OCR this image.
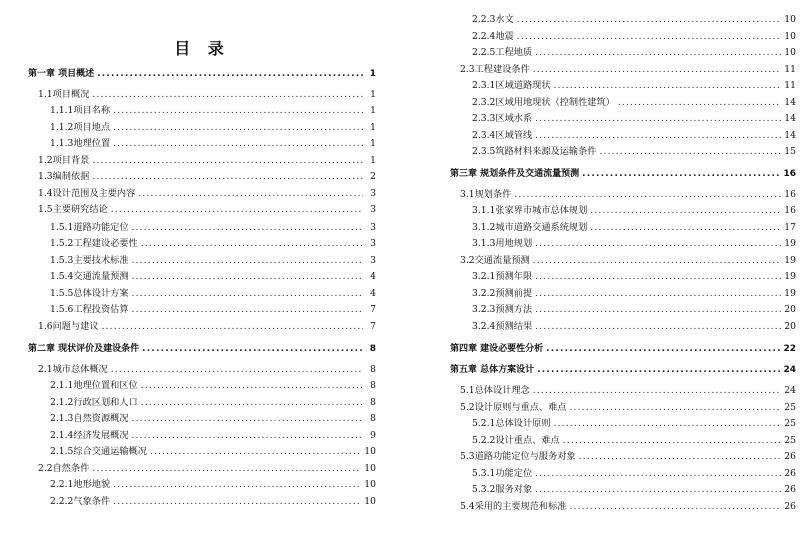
目 录
第一章 项目概述 .....	1
1.1项目概况 .....	1
1.1.1项目名称 .....	1
1.1.2项目地点 .....	1
1.1.3地理位置 .....	1
1.2项目背景 .....	1
1.3编制依据 .....	2
1.4设计范围及主要内容 .....	3
1.5主要研究结论 .....	3
1.5.1道路功能定位 .....	3
1.5.2工程建设必要性 .....	3
1.5.3主要技术标准 .....	3
1.5.4交通流量预测 .....	4
1.5.5总体设计方案 .....	4
1.5.6工程投资估算 .....	7
1.6问题与建议 .....	7
第二章 现状评价及建设条件 .....	8
2.1城市总体概况 .....	8
2.1.1地理位置和区位 .....	8
2.1.2行政区划和人口 .....	8
2.1.3自然资源概况 .....	8
2.1.4经济发展概况 .....	9
2.1.5综合交通运输概况 .....	10
2.2自然条件 .....	10
2.2.1地形地貌 .....	10
2.2.2气象条件 .....	10
2.2.3水文 .....	10
2.2.4地震 .....	10
2.2.5工程地质 .....	10
2.3工程建设条件 .....	11
2.3.1区域道路现状 .....	11
2.3.2区域用地现状（控制性建筑） .....	14
2.3.3区域水系 .....	14
2.3.4区域管线 .....	14
2.3.5筑路材料来源及运输条件 .....	15
第三章 规划条件及交通流量预测 .....	16
3.1规划条件 .....	16
3.1.1张家界市城市总体规划 .....	16
3.1.2城市道路交通系统规划 .....	17
3.1.3用地规划 .....	19
3.2交通流量预测 .....	19
3.2.1预测年限 .....	19
3.2.2预测前提 .....	19
3.2.3预测方法 .....	20
3.2.4预测结果 .....	20
第四章 建设必要性分析 .....	22
第五章 总体方案设计 .....	24
5.1总体设计理念 .....	24
5.2设计原则与重点、难点 .....	25
5.2.1总体设计原则 .....	25
5.2.2设计重点、难点 .....	25
5.3道路功能定位与服务对象 .....	26
5.3.1功能定位 .....	26
5.3.2服务对象 .....	26
5.4采用的主要规范和标准 .....	26
